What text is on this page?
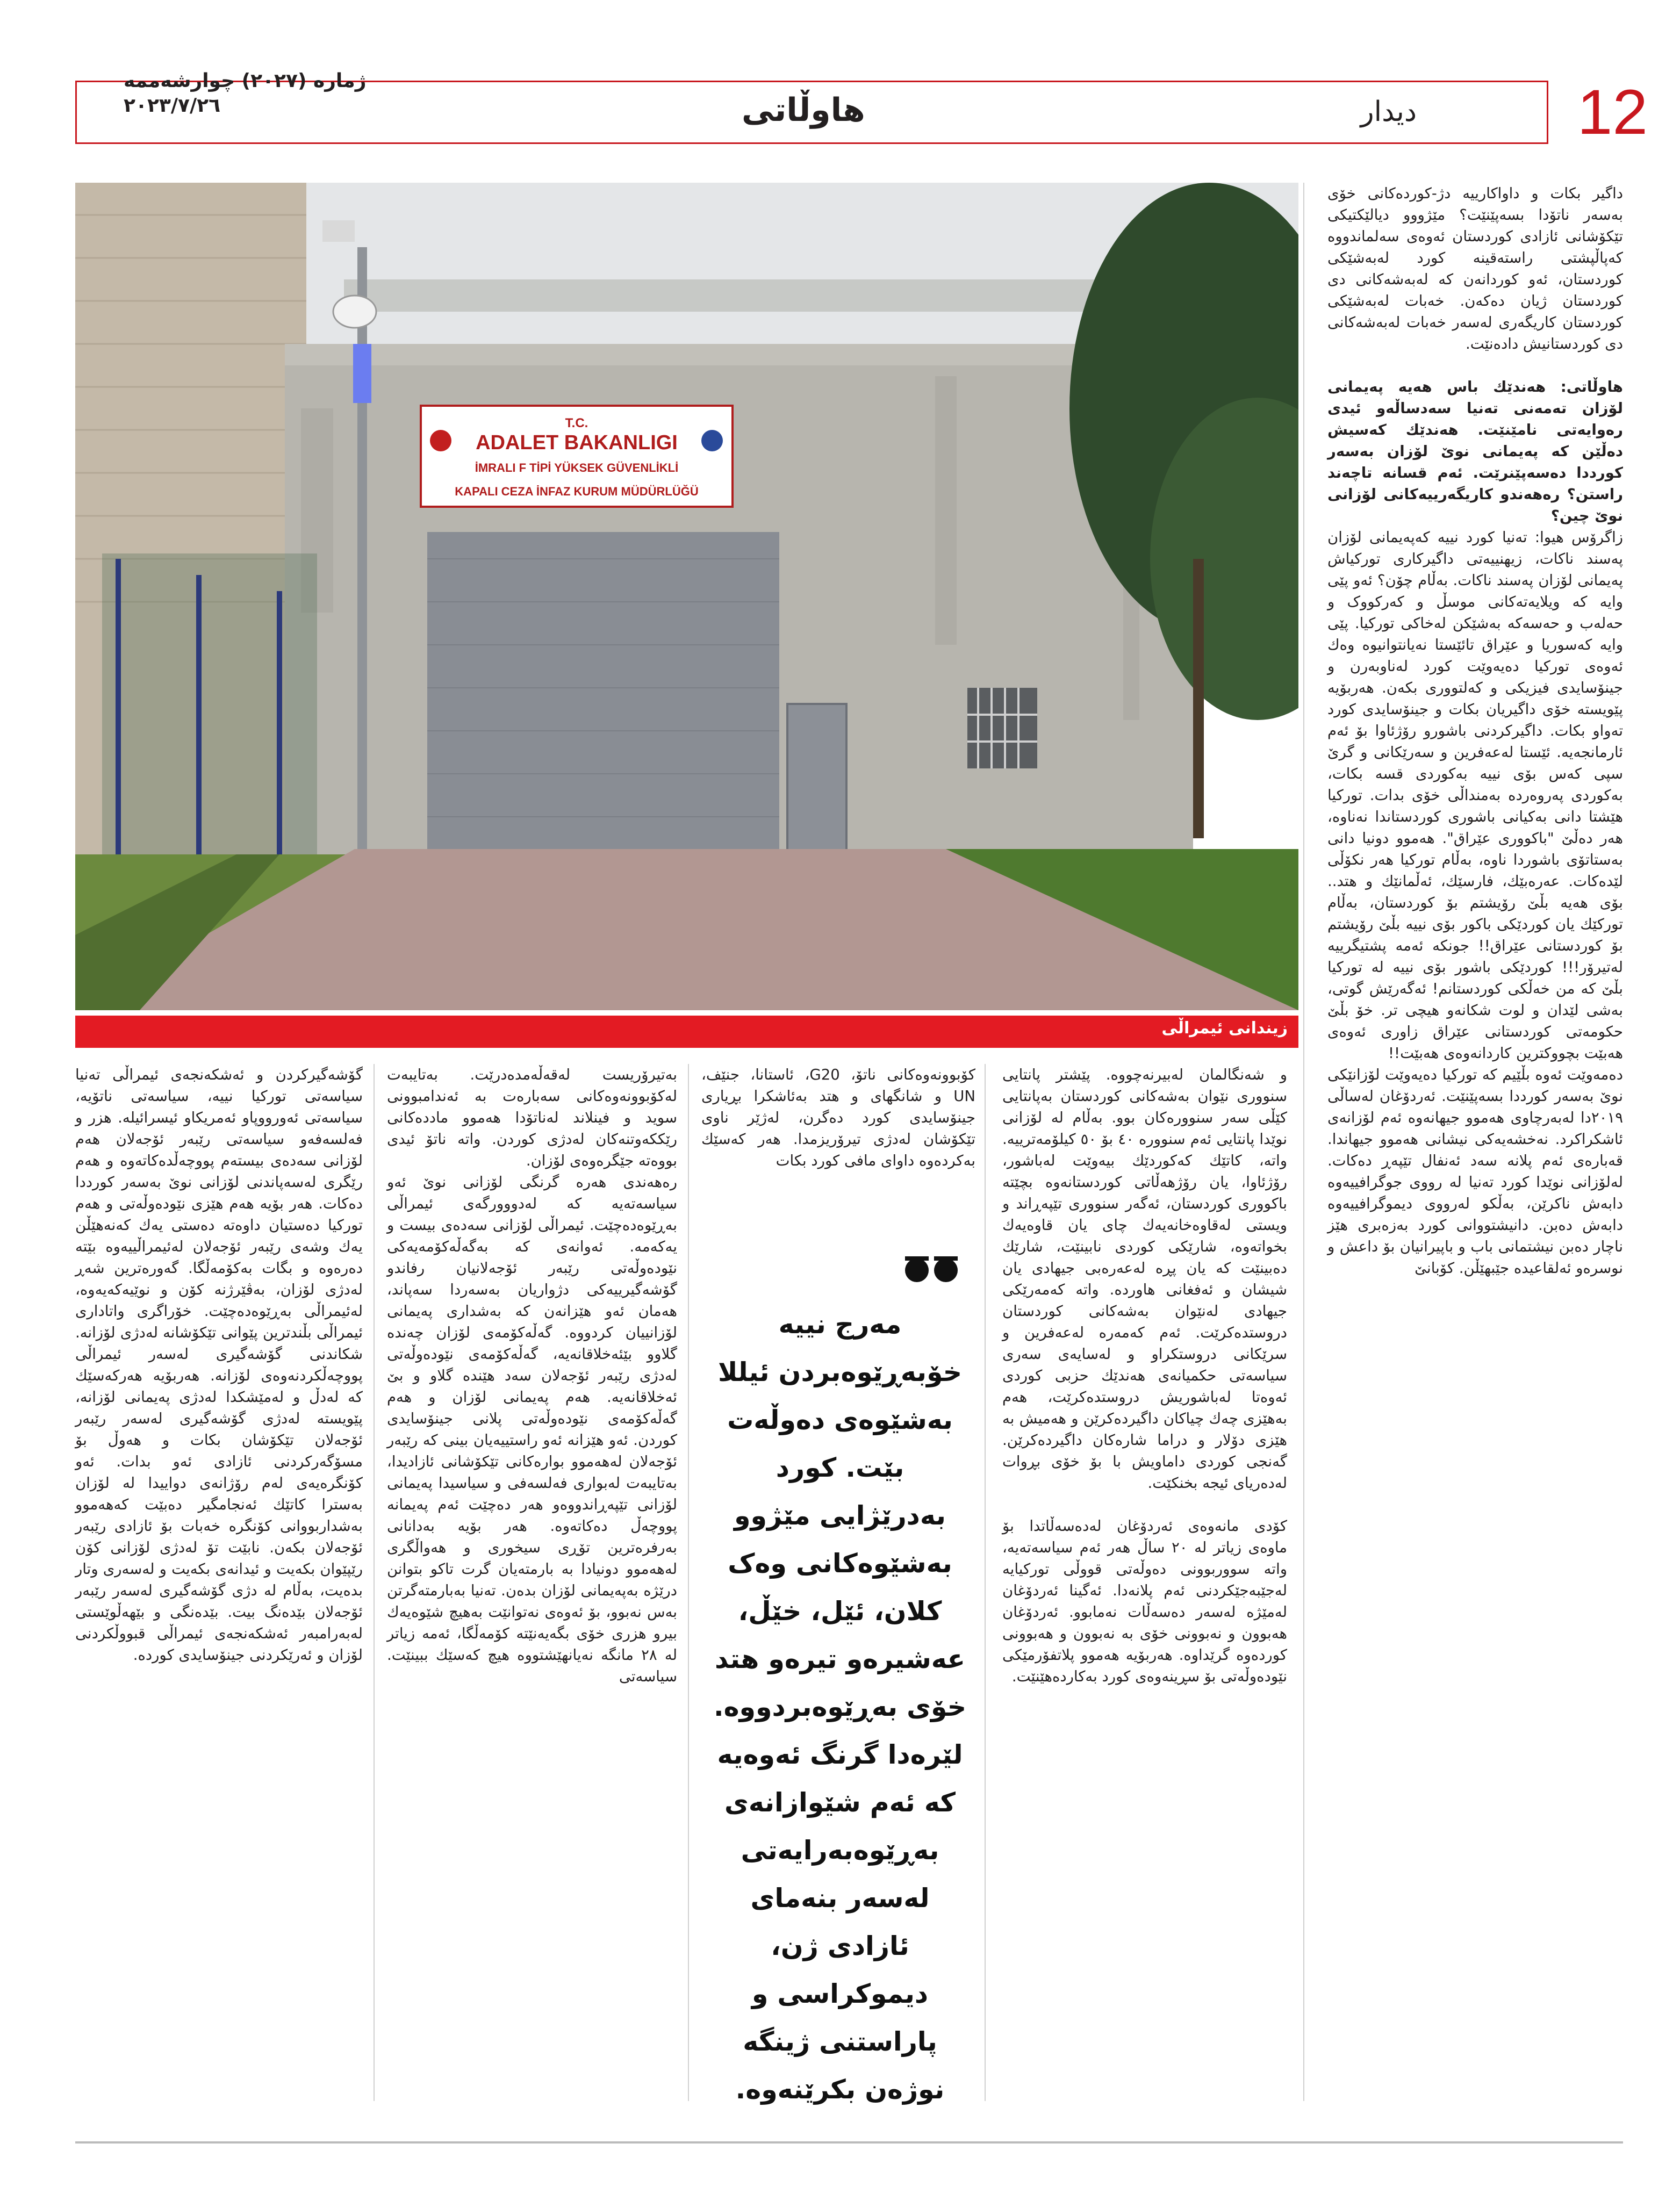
12
دیدار
هاوڵاتی
ژمارە (٢٠٢٧) چوارشەممە
٢٠٢٣/٧/٢٦
T.C.
ADALET BAKANLIGI
İMRALI F TİPİ YÜKSEK GÜVENLİKLİ
KAPALI CEZA İNFAZ KURUM MÜDÜRLÜĞÜ
زیندانی ئیمراڵی

داگیر بکات و داواکارییە دژ-کوردەکانی خۆی بەسەر ناتۆدا بسەپێنێت؟ مێژووو دیالێکتیکی تێکۆشانی ئازادی کوردستان ئەوەی سەلماندووە کەپاڵپشتی راستەقینە کورد لەبەشێکی کوردستان، ئەو کوردانەن کە لەبەشەکانی دی کوردستان ژیان دەکەن. خەبات لەبەشێکی کوردستان کاریگەری لەسەر خەبات لەبەشەکانی دی کوردستانیش دادەنێت.

هاوڵاتی: هەندێك باس هەیە پەیمانی لۆزان تەمەنی تەنیا سەدساڵەو ئیدی رەوایەتی نامێنێت. هەندێك کەسیش دەڵێن کە پەیمانی نوێ لۆزان بەسەر کورددا دەسەپێنرێت. ئەم قسانە تاچەند راستن؟ رەهەندو کاریگەرییەکانی لۆزانی نوێ چین؟

زاگرۆس هیوا: تەنیا کورد نییە کەپەیمانی لۆزان پەسند ناکات، زیهنییەتی داگیرکاری تورکیاش پەیمانی لۆزان پەسند ناکات. بەڵام چۆن؟ ئەو پێی وایە کە ویلایەتەکانی موسڵ و کەرکووک و حەلەب و حەسەکە بەشێکن لەخاکی تورکیا. پێی وایە کەسوریا و عێراق تائێستا نەیانتوانیوە وەك ئەوەی تورکیا دەیەوێت کورد لەناوبەرن و جینۆسایدی فیزیکی و کەلتووری بکەن. هەربۆیە پێویستە خۆی داگیریان بکات و جینۆسایدی کورد تەواو بکات. داگیرکردنی باشورو رۆژئاوا بۆ ئەم ئارمانجەیە. ئێستا لەعەفرین و سەرێکانی و گرێ سپی کەس بۆی نییە بەکوردی قسە بکات، بەکوردی پەروەردە بەمنداڵی خۆی بدات. تورکیا هێشتا دانی بەکیانی باشوری کوردستاندا نەناوە، هەر دەڵێ "باکووری عێراق". هەموو دونیا دانی بەستاتۆی باشوردا ناوە، بەڵام تورکیا هەر نکۆڵی لێدەکات. عەرەبێك، فارسێك، ئەڵمانێك و هتد.. بۆی هەیە بڵێ رۆیشتم بۆ کوردستان، بەڵام تورکێك یان کوردێکی باکور بۆی نییە بڵێ رۆیشتم بۆ کوردستانی عێراق!! جونکە ئەمە پشتیگرییە لەتیرۆر!!! کوردێکی باشور بۆی نییە لە تورکیا بڵێ کە من خەڵکی کوردستانم! ئەگەرێش گوتی، بەشی لێدان و لوت شکانەو هیچی تر. خۆ بڵێ حکومەتی کوردستانی عێراق زاوری ئەوەی هەبێت بچووکترین کاردانەوەی هەبێت!!

دەمەوێت ئەوە بڵێیم کە تورکیا دەیەوێت لۆزانێکی نوێ بەسەر کورددا بسەپێنێت. ئەردۆغان لەساڵی ٢٠١٩دا لەبەرچاوی هەموو جیهانەوە ئەم لۆزانەی ئاشکراکرد. نەخشەیەکی نیشانی هەموو جیهاندا. قەبارەی ئەم پلانە سەد ئەنفال تێپەڕ دەکات. لەلۆزانی نوێدا کورد تەنیا لە رووی جوگرافییەوە دابەش ناکرێن، بەڵکو لەرووی دیموگرافییەوە دابەش دەبن. دانیشتووانی کورد بەزەبری هێز ناچار دەبن نیشتمانی باب و باپیرانیان بۆ داعش و نوسرەو ئەلقاعیدە جێبهێڵن. کۆبانێ

و شەنگالمان لەبیرنەچووە. پێشتر پانتایی سنووری نێوان بەشەکانی کوردستان بەپانتایی کێڵی سەر سنوورەکان بوو. بەڵام لە لۆزانی نوێدا پانتایی ئەم سنوورە ٤٠ بۆ ٥٠ کیلۆمەترییە. واتە، کاتێك کەکوردێك بیەوێت لەباشور، رۆژئاوا، یان رۆژهەڵاتی کوردستانەوە بچێتە باکووری کوردستان، ئەگەر سنووری تێپەڕاند و ویستی لەقاوەخانەیەك چای یان قاوەیەك بخواتەوە، شارێکی کوردی نابینێت، شارێك دەبینێت کە یان پڕە لەعەرەبی جیهادی یان شیشان و ئەفغانی هاوردە. واتە کەمەرێکی جیهادی لەنێوان بەشەکانی کوردستان دروستدەکرێت. ئەم کەمەرە لەعەفرین و سرێکانی دروستکراو و لەسایەی سەری سیاسەتی حکمیانەی هەندێك حزبی کوردی ئەوەتا لەباشوریش دروستدەکرێت، هەم بەهێزی چەك چیاکان داگیردەکرێن و هەمیش بە هێزی دۆلار و دراما شارەکان داگیردەکرێن. گەنجی کوردی داماویش با بۆ خۆی بڕوات لەدەریای ئیجە بخنکێت.

کۆدی مانەوەی ئەردۆغان لەدەسەڵاتدا بۆ ماوەی زیاتر لە ٢٠ ساڵ هەر ئەم سیاسەتەیە، واتە سووربوونی دەوڵەتی قووڵی تورکیایە لەجێبەجێکردنی ئەم پلانەدا. ئەگینا ئەردۆغان لەمێژە لەسەر دەسەڵات نەمابوو. ئەردۆغان هەبوون و نەبوونی خۆی بە نەبوون و هەبوونی کوردەوە گرێداوە. هەربۆیە هەموو پلاتفۆرمێکی نێودەوڵەتی بۆ سڕینەوەی کورد بەکاردەهێنێت.

کۆبوونەوەکانی ناتۆ، G20، ئاستانا، جنێف، UN و شانگهای و هتد بەئاشکرا بڕیاری جینۆسایدی کورد دەگرن، لەژێر ناوی تێکۆشان لەدژی تیرۆریزمدا. هەر کەسێك بەکردەوە داوای مافی کورد بکات

مەرج نییە خۆبەڕێوەبردن ئیللا بەشێوەی دەوڵەت بێت. کورد بەدرێژایی مێژوو بەشێوەکانی وەک کلان، ئێل، خێڵ، عەشیرەو تیرەو هتد خۆی بەڕێوەبردووە. لێرەدا گرنگ ئەوەیە کە ئەم شێوازانەی بەڕێوەبەرایەتی لەسەر بنەمای ئازادی ژن، دیموکراسی و پاراستنی ژینگە نوژەن بکرێنەوە.

بەتیرۆریست لەقەڵەمدەدرێت. بەتایبەت لەکۆبوونەوەکانی سەبارەت بە ئەندامبوونی سوید و فینلاند لەناتۆدا هەموو ماددەکانی رێککەوتنەکان لەدژی کوردن. واتە ناتۆ ئیدی بووەتە جێگرەوەی لۆزان.

رەهەندی هەرە گرنگی لۆزانی نوێ ئەو سیاسەتەیە کە لەدووورگەی ئیمراڵی بەڕێوەدەچێت. ئیمراڵی لۆزانی سەدەی بیست و یەکەمە. ئەوانەی کە بەگەڵەکۆمەیەکی نێودەوڵەتی رێبەر ئۆجەلانیان رفاندو گۆشەگیرییەکی دژواریان بەسەردا سەپاند، هەمان ئەو هێزانەن کە بەشداری پەیمانی لۆزانییان کردووە. گەڵەکۆمەی لۆزان چەندە گلاوو بێئەخلاقانەیە، گەڵەکۆمەی نێودەوڵەتی لەدژی رێبەر ئۆجەلان سەد هێندە گلاو و بێ ئەخلاقانەیە. هەم پەیمانی لۆزان و هەم گەڵەکۆمەی نێودەوڵەتی پلانی جینۆسایدی کوردن. ئەو هێزانە ئەو راستییەیان بینی کە رێبەر ئۆجەلان لەهەموو بوارەکانی تێکۆشانی ئازادیدا، بەتایبەت لەبواری فەلسەفی و سیاسیدا پەیمانی لۆزانی تێپەڕاندووەو هەر دەچێت ئەم پەیمانە پووچەڵ دەکاتەوە. هەر بۆیە بەدانانی بەرفرەترین تۆڕی سیخوری و هەواڵگری لەهەموو دونیادا بە بارمتەیان گرت تاکو بتوانن درێژە بەپەیمانی لۆزان بدەن. تەنیا بەبارمتەگرتن بەس نەبوو، بۆ ئەوەی نەتوانێت بەهیچ شێوەیەك بیرو هزری خۆی بگەیەنێتە کۆمەڵگا، ئەمە زیاتر لە ٢٨ مانگە نەیانهێشتووە هیچ کەسێك ببینێت. سیاسەتی

گۆشەگیرکردن و ئەشکەنجەی ئیمراڵی تەنیا سیاسەتی تورکیا نییە، سیاسەتی ناتۆیە، سیاسەتی ئەورووپاو ئەمریکاو ئیسرائیلە. هزر و فەلسەفەو سیاسەتی رێبەر ئۆجەلان هەم لۆزانی سەدەی بیستەم پووچەڵدەکاتەوە و هەم رێگری لەسەپاندنی لۆزانی نوێ بەسەر کورددا دەکات. هەر بۆیە هەم هێزی نێودەوڵەتی و هەم تورکیا دەستیان داوەتە دەستی یەك کەنەهێڵن یەك وشەی رێبەر ئۆجەلان لەئیمراڵییەوە بێتە دەرەوە و بگات بەکۆمەڵگا. گەورەترین شەڕ لەدژی لۆزان، بەڤێرژنە کۆن و نوێیەکەیەوە، لەئیمراڵی بەڕێوەدەچێت. خۆراگری واتاداری ئیمراڵی بڵندترین پێوانی تێکۆشانە لەدژی لۆزانە. شکاندنی گۆشەگیری لەسەر ئیمراڵی پووچەڵکردنەوەی لۆزانە. هەربۆیە هەرکەسێك کە لەدڵ و لەمێشکدا لەدژی پەیمانی لۆزانە، پێویستە لەدژی گۆشەگیری لەسەر رێبەر ئۆجەلان تێکۆشان بکات و هەوڵ بۆ مسۆگەرکردنی ئازادی ئەو بدات. ئەو کۆنگرەیەی لەم رۆژانەی دواییدا لە لۆزان بەسترا کاتێك ئەنجامگیر دەبێت کەهەموو بەشداربووانی کۆنگرە خەبات بۆ ئازادی رێبەر ئۆجەلان بکەن. نابێت تۆ لەدژی لۆزانی کۆن رێپێوان بکەیت و ئیدانەی بکەیت و لەسەری وتار بدەیت، بەڵام لە دژی گۆشەگیری لەسەر رێبەر ئۆجەلان بێدەنگ بیت. بێدەنگی و بێهەڵوێستی لەبەرامبەر ئەشکەنجەی ئیمراڵی قبووڵکردنی لۆزان و ئەرێکردنی جینۆسایدی کوردە.
